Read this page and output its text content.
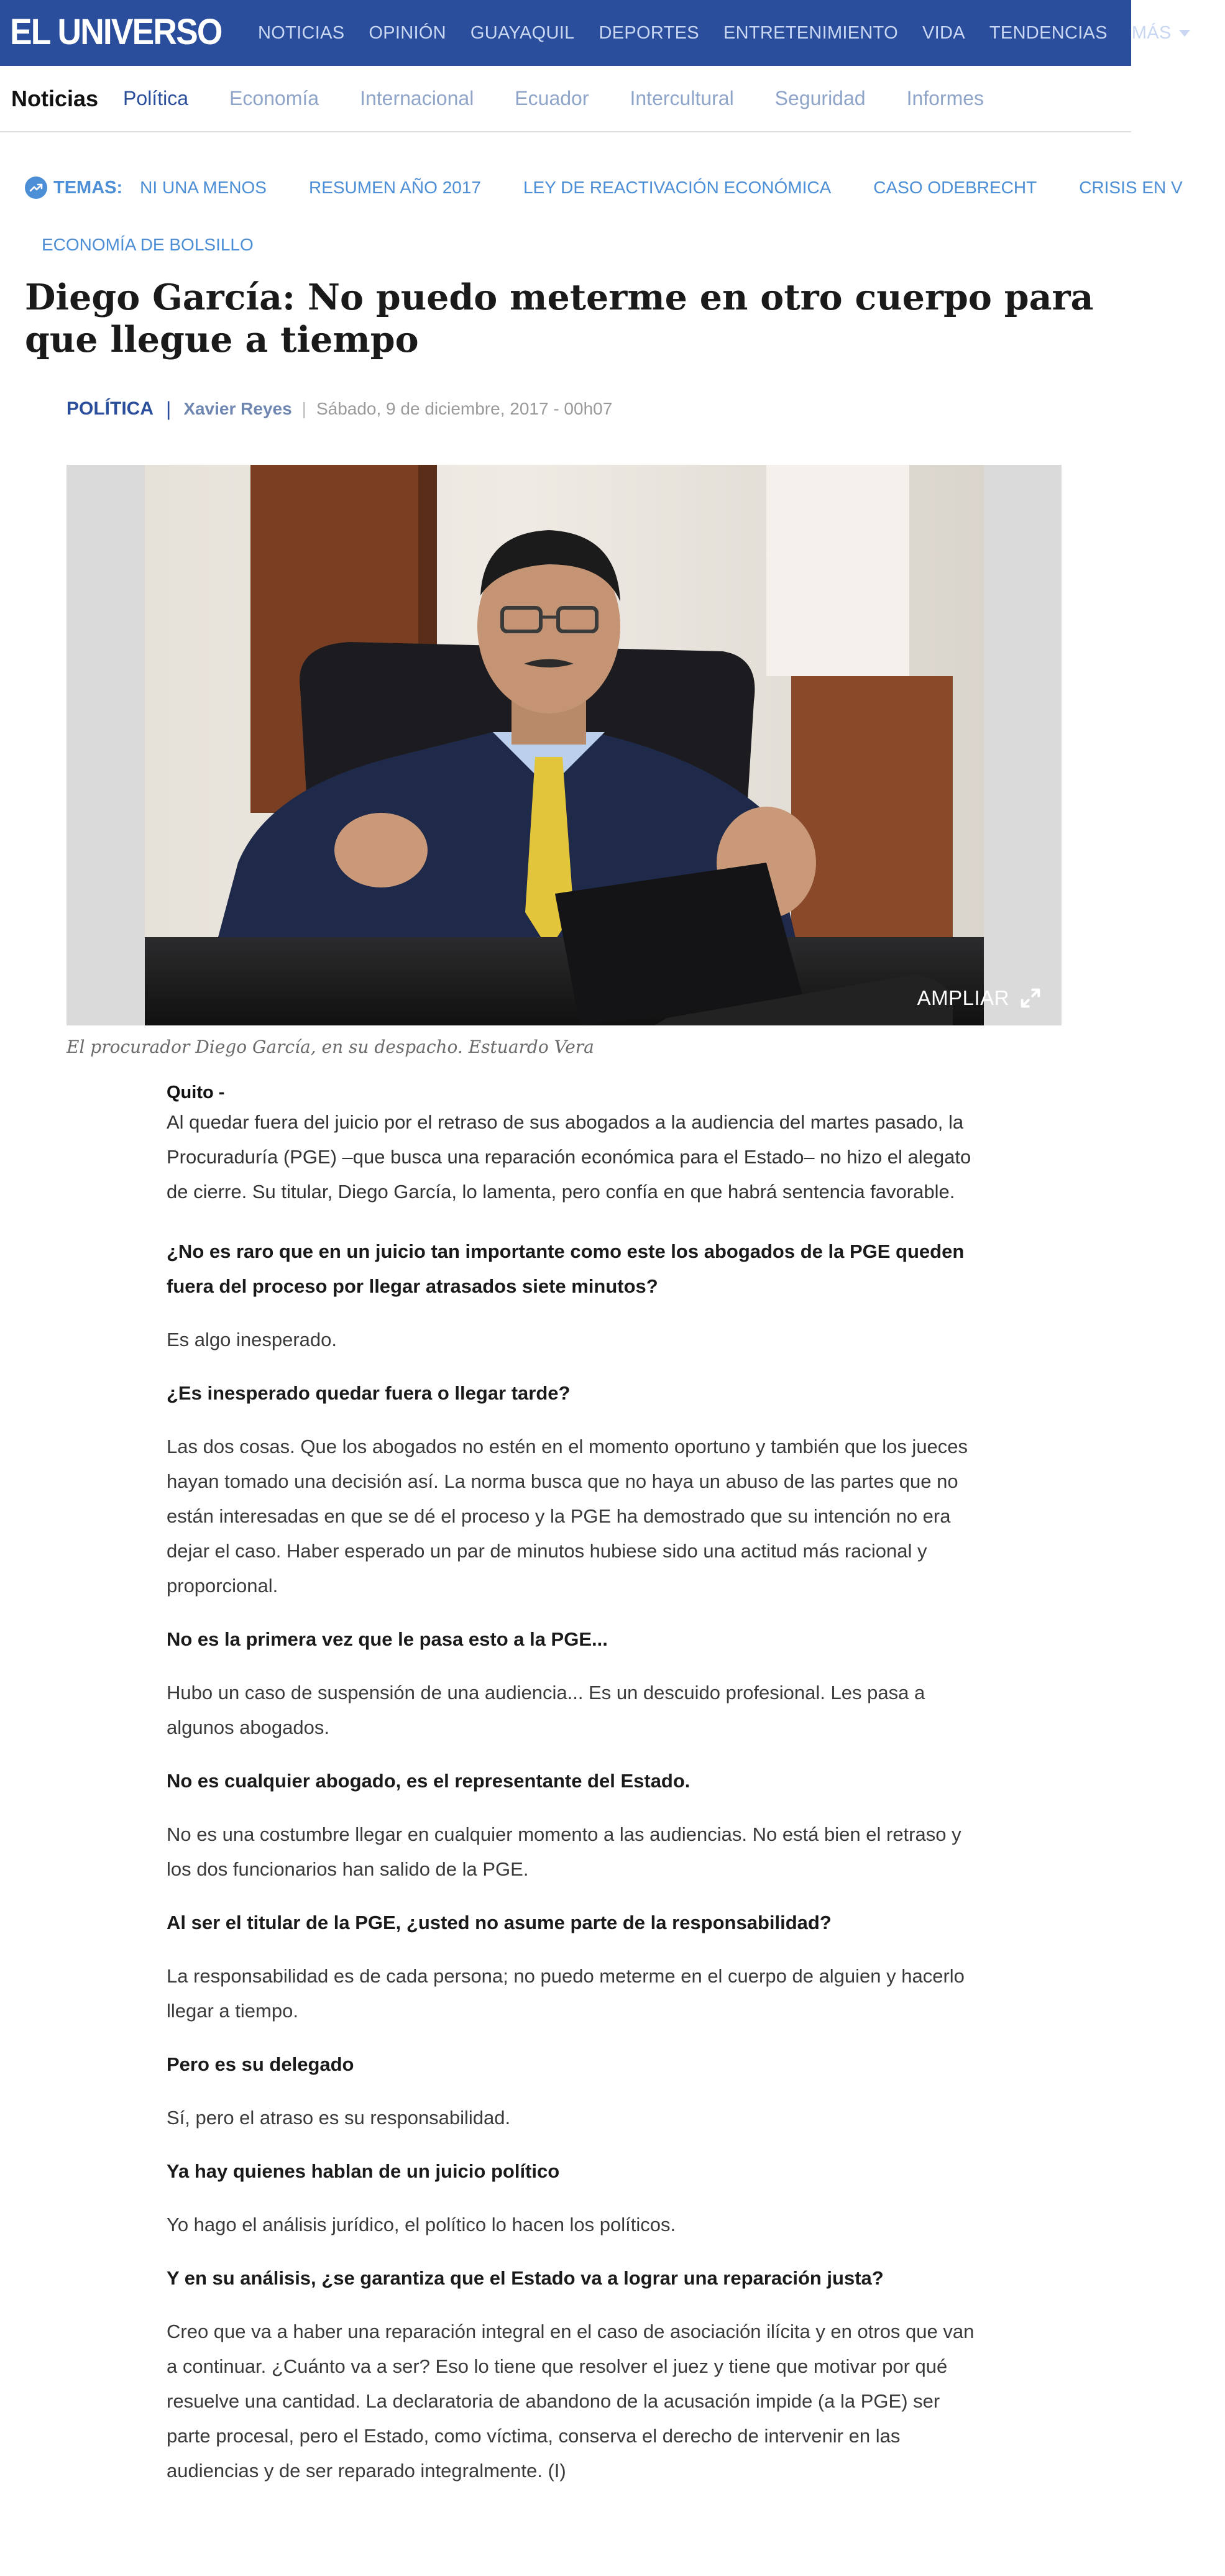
EL UNIVERSO NOTICIAS OPINIÓN GUAYAQUIL DEPORTES ENTRETENIMIENTO VIDA TENDENCIAS MÁS
Noticias Política Economía Internacional Ecuador Intercultural Seguridad Informes
TEMAS: NI UNA MENOS RESUMEN AÑO 2017 LEY DE REACTIVACIÓN ECONÓMICA CASO ODEBRECHT CRISIS EN V
ECONOMÍA DE BOLSILLO
Diego García: No puedo meterme en otro cuerpo para que llegue a tiempo
POLÍTICA | Xavier Reyes | Sábado, 9 de diciembre, 2017 - 00h07
AMPLIAR
El procurador Diego García, en su despacho. Estuardo Vera

Quito -

Al quedar fuera del juicio por el retraso de sus abogados a la audiencia del martes pasado, la Procuraduría (PGE) –que busca una reparación económica para el Estado– no hizo el alegato de cierre. Su titular, Diego García, lo lamenta, pero confía en que habrá sentencia favorable.

¿No es raro que en un juicio tan importante como este los abogados de la PGE queden fuera del proceso por llegar atrasados siete minutos?

Es algo inesperado.

¿Es inesperado quedar fuera o llegar tarde?

Las dos cosas. Que los abogados no estén en el momento oportuno y también que los jueces hayan tomado una decisión así. La norma busca que no haya un abuso de las partes que no están interesadas en que se dé el proceso y la PGE ha demostrado que su intención no era dejar el caso. Haber esperado un par de minutos hubiese sido una actitud más racional y proporcional.

No es la primera vez que le pasa esto a la PGE...

Hubo un caso de suspensión de una audiencia... Es un descuido profesional. Les pasa a algunos abogados.

No es cualquier abogado, es el representante del Estado.

No es una costumbre llegar en cualquier momento a las audiencias. No está bien el retraso y los dos funcionarios han salido de la PGE.

Al ser el titular de la PGE, ¿usted no asume parte de la responsabilidad?

La responsabilidad es de cada persona; no puedo meterme en el cuerpo de alguien y hacerlo llegar a tiempo.

Pero es su delegado

Sí, pero el atraso es su responsabilidad.

Ya hay quienes hablan de un juicio político

Yo hago el análisis jurídico, el político lo hacen los políticos.

Y en su análisis, ¿se garantiza que el Estado va a lograr una reparación justa?

Creo que va a haber una reparación integral en el caso de asociación ilícita y en otros que van a continuar. ¿Cuánto va a ser? Eso lo tiene que resolver el juez y tiene que motivar por qué resuelve una cantidad. La declaratoria de abandono de la acusación impide (a la PGE) ser parte procesal, pero el Estado, como víctima, conserva el derecho de intervenir en las audiencias y de ser reparado integralmente. (I)
